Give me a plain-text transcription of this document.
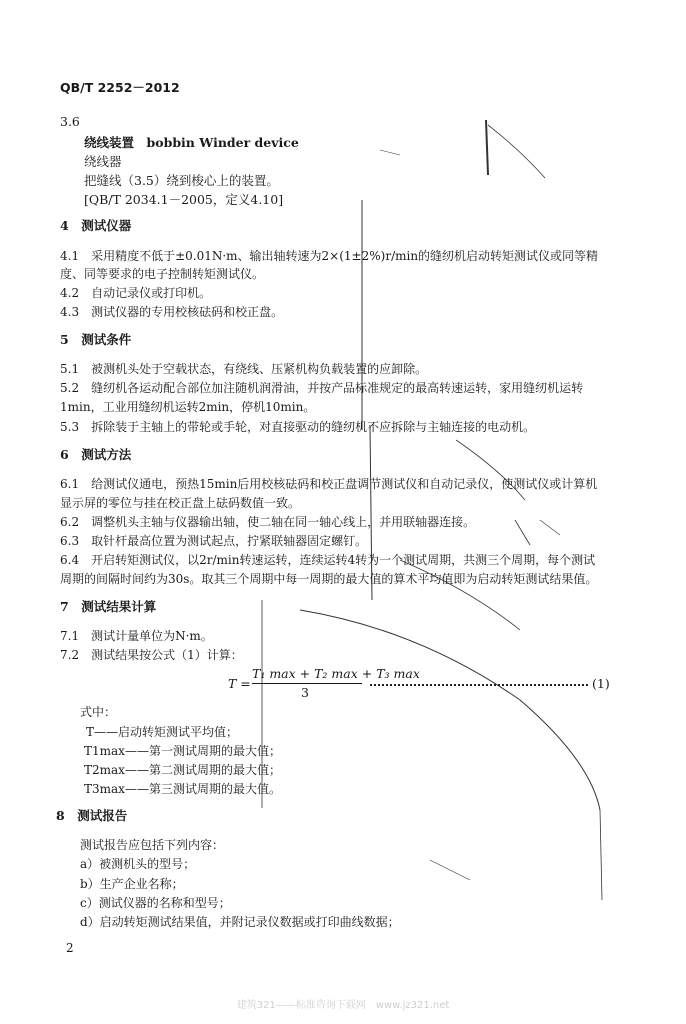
QB/T 2252－2012
3.6
绕线装置　bobbin Winder device
绕线器
把缝线（3.5）绕到梭心上的装置。
[QB/T 2034.1－2005，定义4.10]
4　测试仪器
4.1　采用精度不低于±0.01N·m、输出轴转速为2×(1±2%)r/min的缝纫机启动转矩测试仪或同等精
度、同等要求的电子控制转矩测试仪。
4.2　自动记录仪或打印机。
4.3　测试仪器的专用校核砝码和校正盘。
5　测试条件
5.1　被测机头处于空载状态，有绕线、压紧机构负载装置的应卸除。
5.2　缝纫机各运动配合部位加注随机润滑油，并按产品标准规定的最高转速运转，家用缝纫机运转
1min，工业用缝纫机运转2min，停机10min。
5.3　拆除装于主轴上的带轮或手轮，对直接驱动的缝纫机不应拆除与主轴连接的电动机。
6　测试方法
6.1　给测试仪通电，预热15min后用校核砝码和校正盘调节测试仪和自动记录仪，使测试仪或计算机
显示屏的零位与挂在校正盘上砝码数值一致。
6.2　调整机头主轴与仪器输出轴，使二轴在同一轴心线上，并用联轴器连接。
6.3　取针杆最高位置为测试起点，拧紧联轴器固定螺钉。
6.4　开启转矩测试仪，以2r/min转速运转，连续运转4转为一个测试周期，共测三个周期，每个测试
周期的间隔时间约为30s。取其三个周期中每一周期的最大值的算术平均值即为启动转矩测试结果值。
7　测试结果计算
7.1　测试计量单位为N·m。
7.2　测试结果按公式（1）计算：
T =
T₁ max + T₂ max + T₃ max
3
(1)
式中：
T——启动转矩测试平均值；
T1max——第一测试周期的最大值；
T2max——第二测试周期的最大值；
T3max——第三测试周期的最大值。
8　测试报告
测试报告应包括下列内容：
a）被测机头的型号；
b）生产企业名称；
c）测试仪器的名称和型号；
d）启动转矩测试结果值，并附记录仪数据或打印曲线数据；
2
建筑321——标准咨询下载网　www.jz321.net
